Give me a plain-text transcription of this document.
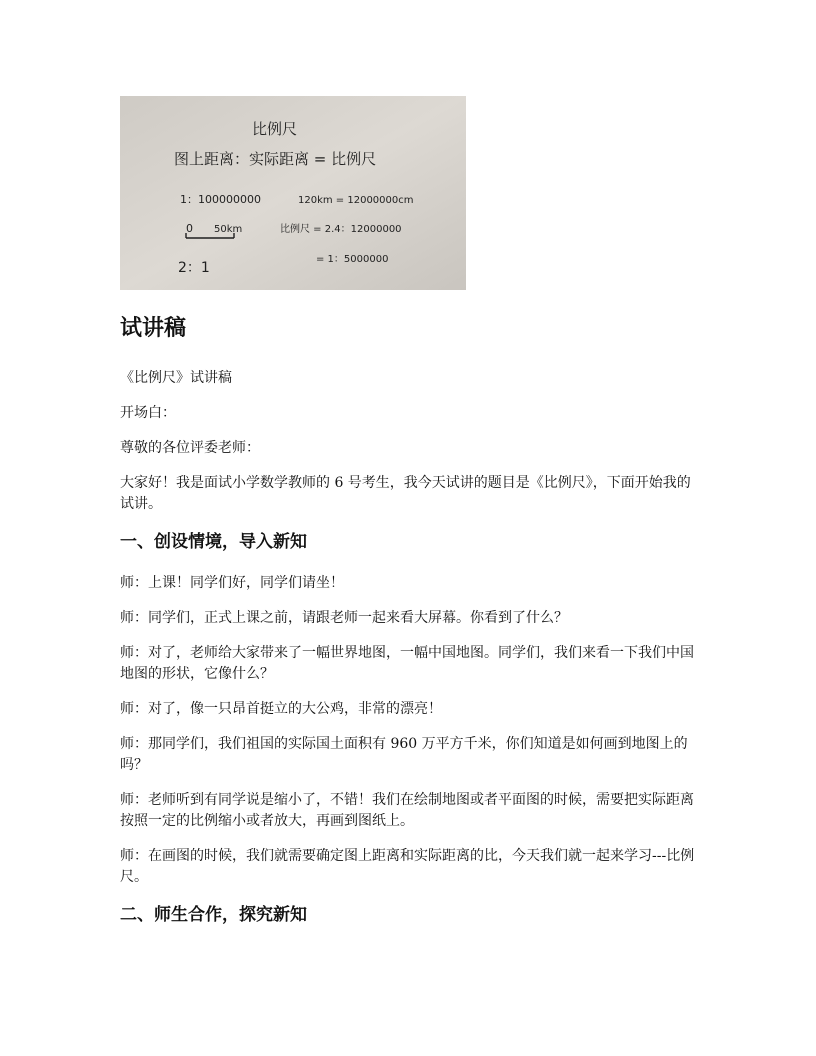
比例尺
图上距离：实际距离 = 比例尺
1：100000000	120km = 12000000cm
0 50km	比例尺 = 2.4：12000000
2：1
= 1：5000000
试讲稿

《比例尺》试讲稿

开场白：

尊敬的各位评委老师：

大家好！我是面试小学数学教师的 6 号考生，我今天试讲的题目是《比例尺》，下面开始我的试讲。

一、创设情境，导入新知

师：上课！同学们好，同学们请坐！

师：同学们，正式上课之前，请跟老师一起来看大屏幕。你看到了什么？

师：对了，老师给大家带来了一幅世界地图，一幅中国地图。同学们，我们来看一下我们中国地图的形状，它像什么？

师：对了，像一只昂首挺立的大公鸡，非常的漂亮！

师：那同学们，我们祖国的实际国土面积有 960 万平方千米，你们知道是如何画到地图上的吗？

师：老师听到有同学说是缩小了，不错！我们在绘制地图或者平面图的时候，需要把实际距离按照一定的比例缩小或者放大，再画到图纸上。

师：在画图的时候，我们就需要确定图上距离和实际距离的比，今天我们就一起来学习---比例尺。

二、师生合作，探究新知
